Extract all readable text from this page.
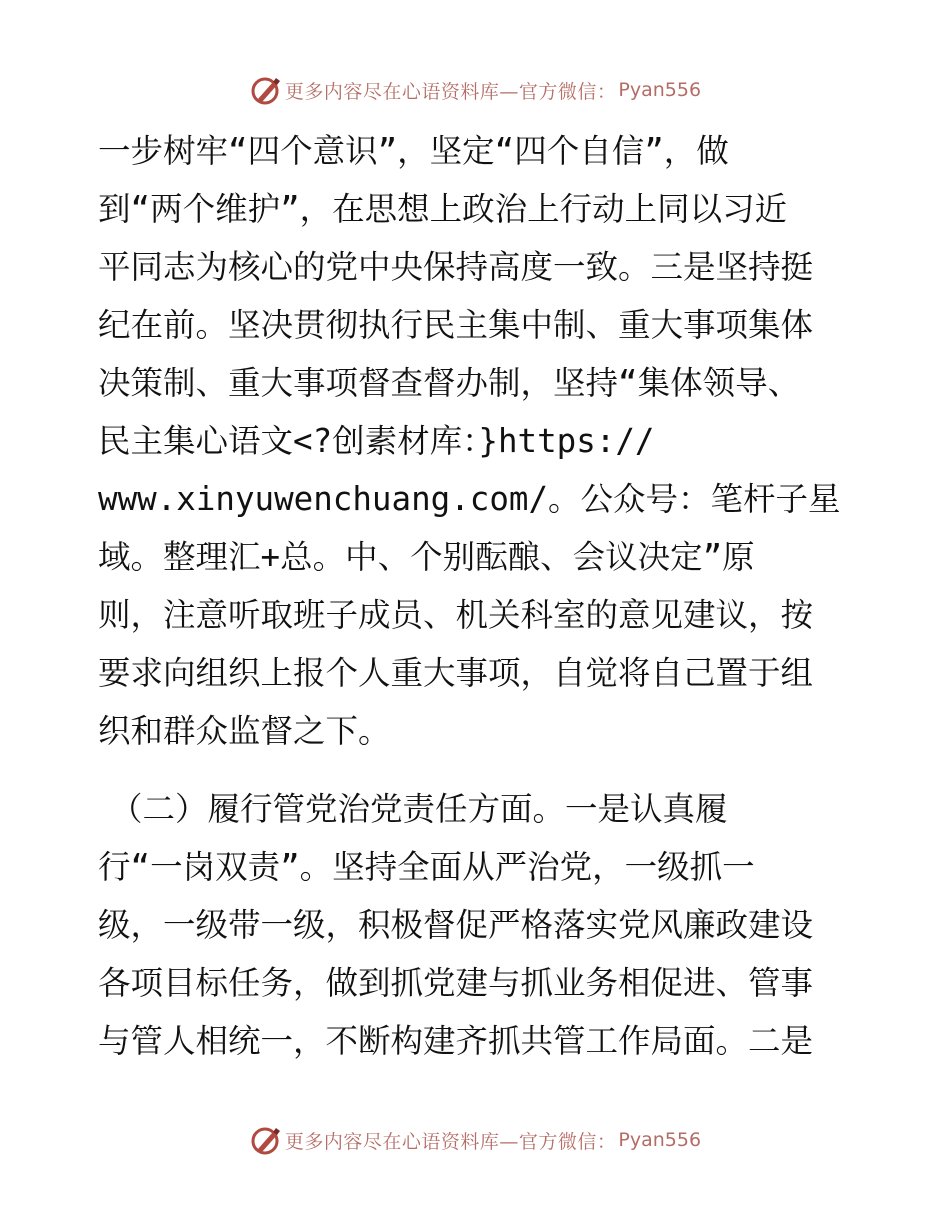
更多内容尽在心语资料库—官方微信： Pyan556
一步树牢“四个意识”，坚定“四个自信”，做
到“两个维护”，在思想上政治上行动上同以习近
平同志为核心的党中央保持高度一致。三是坚持挺
纪在前。坚决贯彻执行民主集中制、重大事项集体
决策制、重大事项督查督办制，坚持“集体领导、
民主集心语文<?创素材库：}https://
www.xinyuwenchuang.com/。公众号：笔杆子星
域。整理汇+总。中、个别酝酿、会议决定”原
则，注意听取班子成员、机关科室的意见建议，按
要求向组织上报个人重大事项，自觉将自己置于组
织和群众监督之下。
（二）履行管党治党责任方面。一是认真履
行“一岗双责”。坚持全面从严治党，一级抓一
级，一级带一级，积极督促严格落实党风廉政建设
各项目标任务，做到抓党建与抓业务相促进、管事
与管人相统一，不断构建齐抓共管工作局面。二是
更多内容尽在心语资料库—官方微信： Pyan556
